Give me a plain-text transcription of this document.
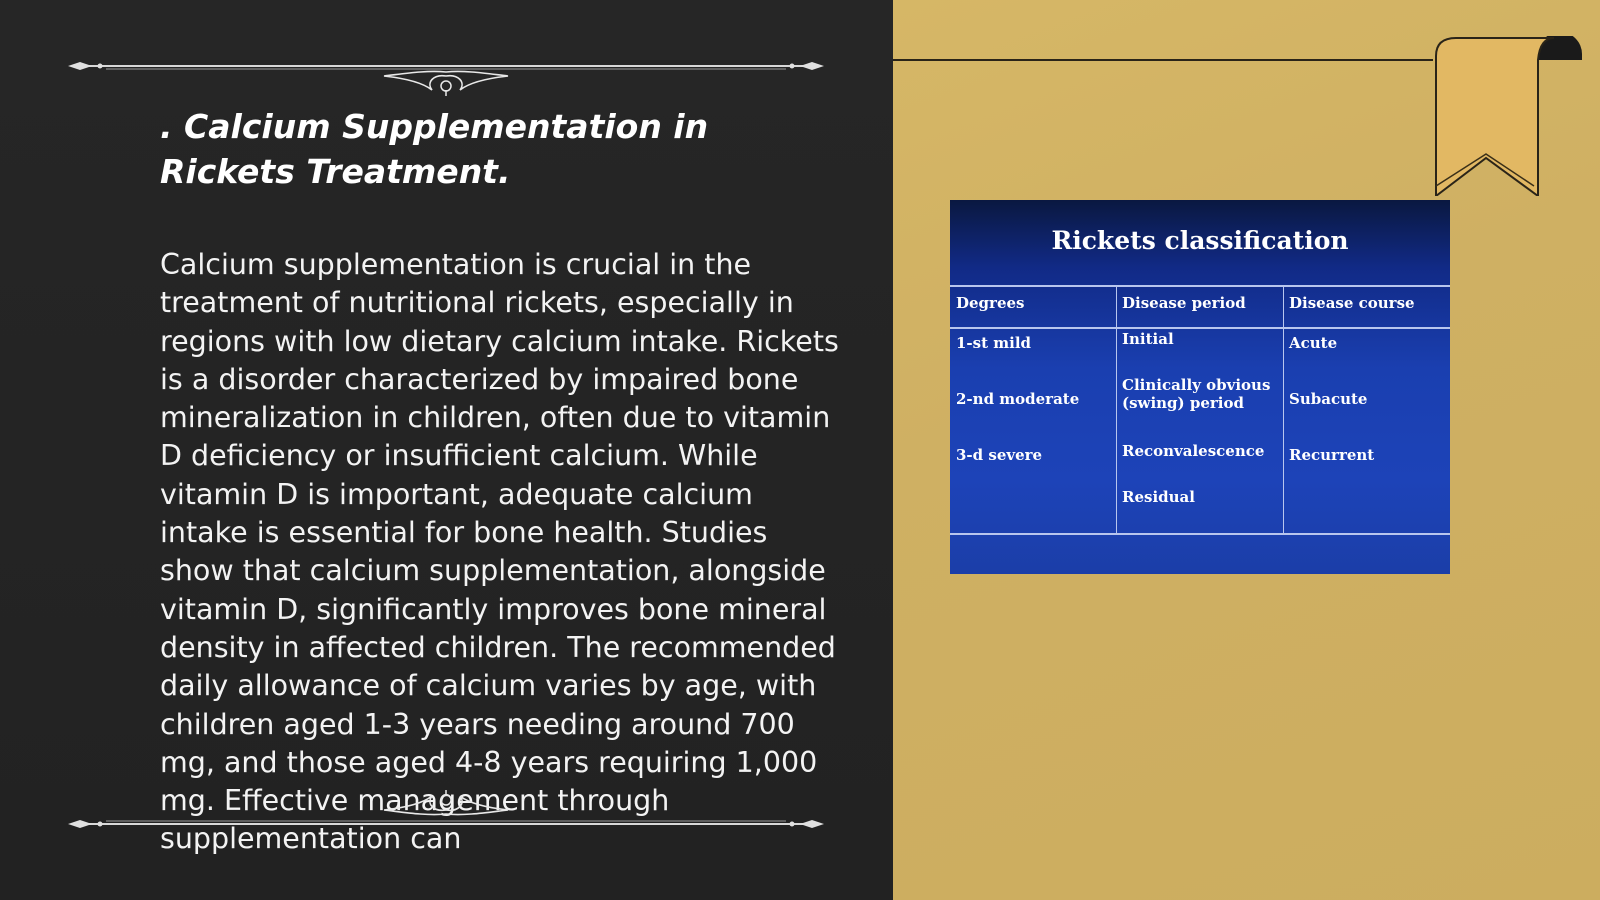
. Calcium Supplementation in Rickets Treatment.

Calcium supplementation is crucial in the treatment of nutritional rickets, especially in regions with low dietary calcium intake. Rickets is a disorder characterized by impaired bone mineralization in children, often due to vitamin D deficiency or insufficient calcium. While vitamin D is important, adequate calcium intake is essential for bone health. Studies show that calcium supplementation, alongside vitamin D, significantly improves bone mineral density in affected children. The recommended daily allowance of calcium varies by age, with children aged 1-3 years needing around 700 mg, and those aged 4-8 years requiring 1,000 mg. Effective management through supplementation can

Rickets classification
Degrees	Disease period	Disease course
1-st mild
2-nd moderate
3-d severe
Initial
Clinically obvious (swing) period
Reconvalescence
Residual
Acute
Subacute
Recurrent
